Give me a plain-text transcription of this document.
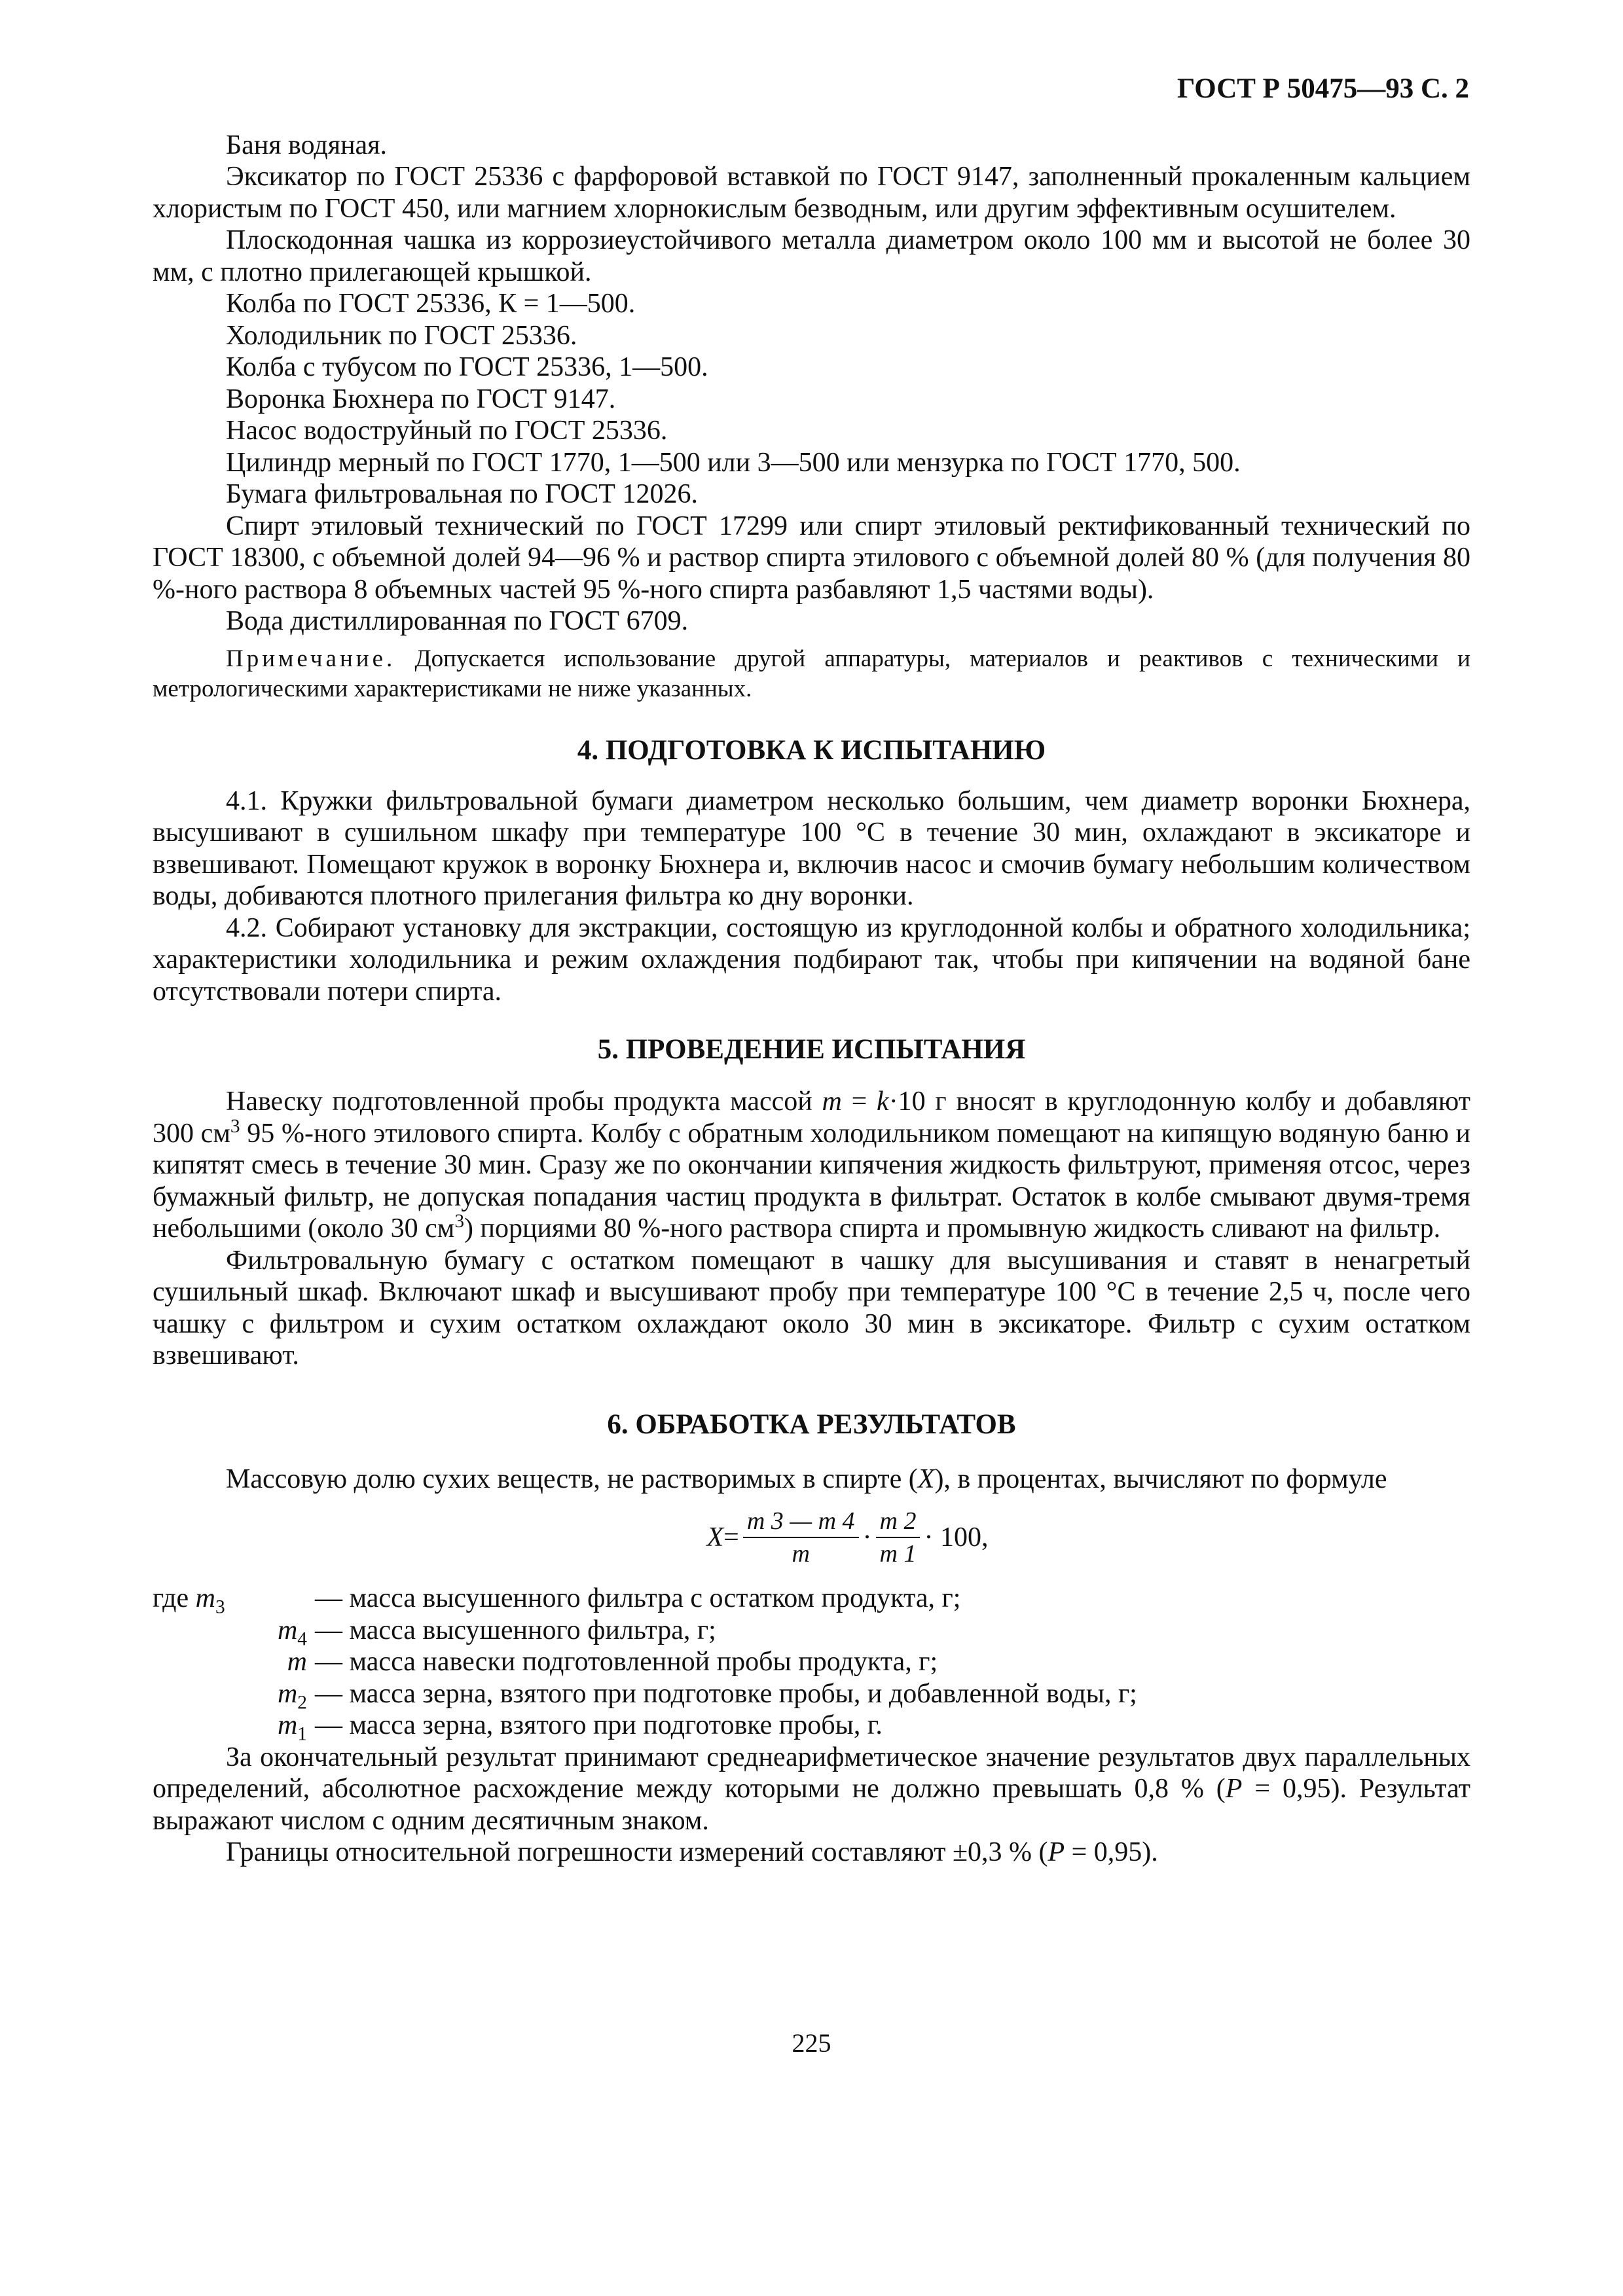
ГОСТ Р 50475—93 С. 2

Баня водяная.

Эксикатор по ГОСТ 25336 с фарфоровой вставкой по ГОСТ 9147, заполненный прокаленным кальцием хлористым по ГОСТ 450, или магнием хлорнокислым безводным, или другим эффективным осушителем.

Плоскодонная чашка из коррозиеустойчивого металла диаметром около 100 мм и высотой не более 30 мм, с плотно прилегающей крышкой.

Колба по ГОСТ 25336, К = 1—500.

Холодильник по ГОСТ 25336.

Колба с тубусом по ГОСТ 25336, 1—500.

Воронка Бюхнера по ГОСТ 9147.

Насос водоструйный по ГОСТ 25336.

Цилиндр мерный по ГОСТ 1770, 1—500 или 3—500 или мензурка по ГОСТ 1770, 500.

Бумага фильтровальная по ГОСТ 12026.

Спирт этиловый технический по ГОСТ 17299 или спирт этиловый ректификованный технический по ГОСТ 18300, с объемной долей 94—96 % и раствор спирта этилового с объемной долей 80 % (для получения 80 %-ного раствора 8 объемных частей 95 %-ного спирта разбавляют 1,5 частями воды).

Вода дистиллированная по ГОСТ 6709.

Примечание. Допускается использование другой аппаратуры, материалов и реактивов с техническими и метрологическими характеристиками не ниже указанных.

4. ПОДГОТОВКА К ИСПЫТАНИЮ

4.1. Кружки фильтровальной бумаги диаметром несколько большим, чем диаметр воронки Бюхнера, высушивают в сушильном шкафу при температуре 100 °С в течение 30 мин, охлаждают в эксикаторе и взвешивают. Помещают кружок в воронку Бюхнера и, включив насос и смочив бумагу небольшим количеством воды, добиваются плотного прилегания фильтра ко дну воронки.

4.2. Собирают установку для экстракции, состоящую из круглодонной колбы и обратного холодильника; характеристики холодильника и режим охлаждения подбирают так, чтобы при кипячении на водяной бане отсутствовали потери спирта.

5. ПРОВЕДЕНИЕ ИСПЫТАНИЯ

Навеску подготовленной пробы продукта массой m = k·10 г вносят в круглодонную колбу и добавляют 300 $см^3$ 95 %-ного этилового спирта. Колбу с обратным холодильником помещают на кипящую водяную баню и кипятят смесь в течение 30 мин. Сразу же по окончании кипячения жидкость фильтруют, применяя отсос, через бумажный фильтр, не допуская попадания частиц продукта в фильтрат. Остаток в колбе смывают двумя-тремя небольшими (около 30 $см^3$) порциями 80 %-ного раствора спирта и промывную жидкость сливают на фильтр.

Фильтровальную бумагу с остатком помещают в чашку для высушивания и ставят в ненагретый сушильный шкаф. Включают шкаф и высушивают пробу при температуре 100 °С в течение 2,5 ч, после чего чашку с фильтром и сухим остатком охлаждают около 30 мин в эксикаторе. Фильтр с сухим остатком взвешивают.

6. ОБРАБОТКА РЕЗУЛЬТАТОВ

Массовую долю сухих веществ, не растворимых в спирте (X), в процентах, вычисляют по формуле

$X = \frac{m 3 — m 4}{m} \cdot \frac{m 2}{m 1} \cdot 100$,
где $m_3$	— масса высушенного фильтра с остатком продукта, г;
$m_4$ — масса высушенного фильтра, г;
m — масса навески подготовленной пробы продукта, г;
$m_2$ — масса зерна, взятого при подготовке пробы, и добавленной воды, г;
$m_1$ — масса зерна, взятого при подготовке пробы, г.

За окончательный результат принимают среднеарифметическое значение результатов двух параллельных определений, абсолютное расхождение между которыми не должно превышать 0,8 % (P = 0,95). Результат выражают числом с одним десятичным знаком.

Границы относительной погрешности измерений составляют ±0,3 % (P = 0,95).

225
